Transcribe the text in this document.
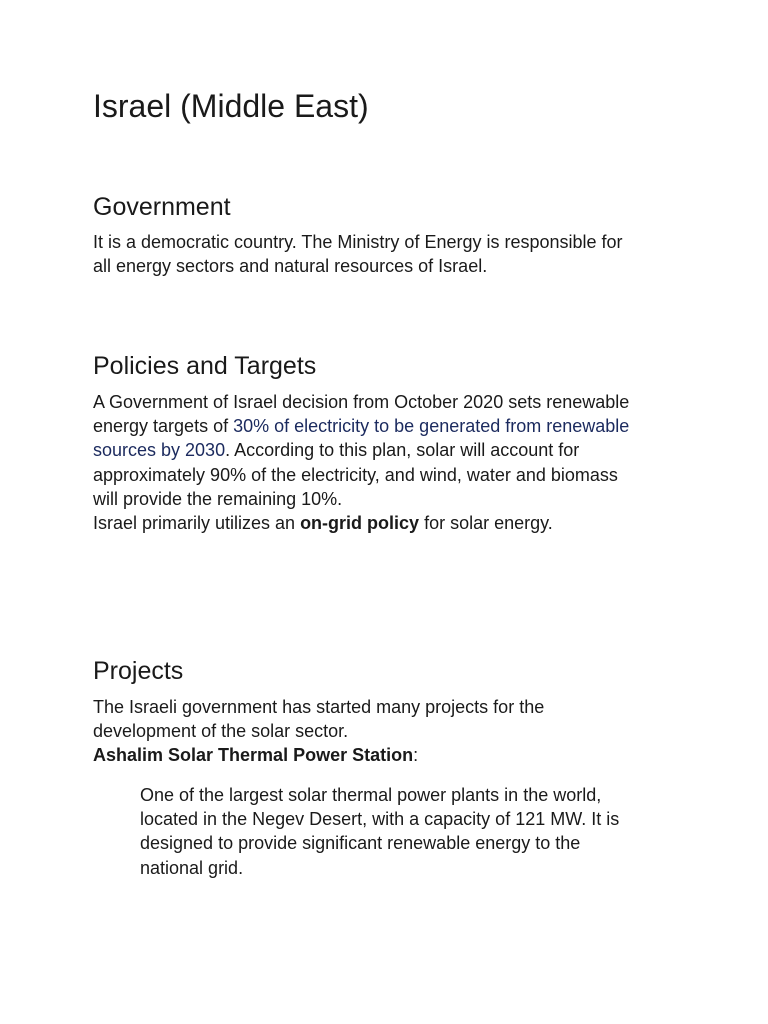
Israel (Middle East)
Government

It is a democratic country. The Ministry of Energy is responsible for
all energy sectors and natural resources of Israel.

Policies and Targets

A Government of Israel decision from October 2020 sets renewable
energy targets of 30% of electricity to be generated from renewable
sources by 2030. According to this plan, solar will account for
approximately 90% of the electricity, and wind, water and biomass
will provide the remaining 10%.
Israel primarily utilizes an on-grid policy for solar energy.

Projects

The Israeli government has started many projects for the
development of the solar sector.
Ashalim Solar Thermal Power Station:

One of the largest solar thermal power plants in the world,
located in the Negev Desert, with a capacity of 121 MW. It is
designed to provide significant renewable energy to the
national grid.
